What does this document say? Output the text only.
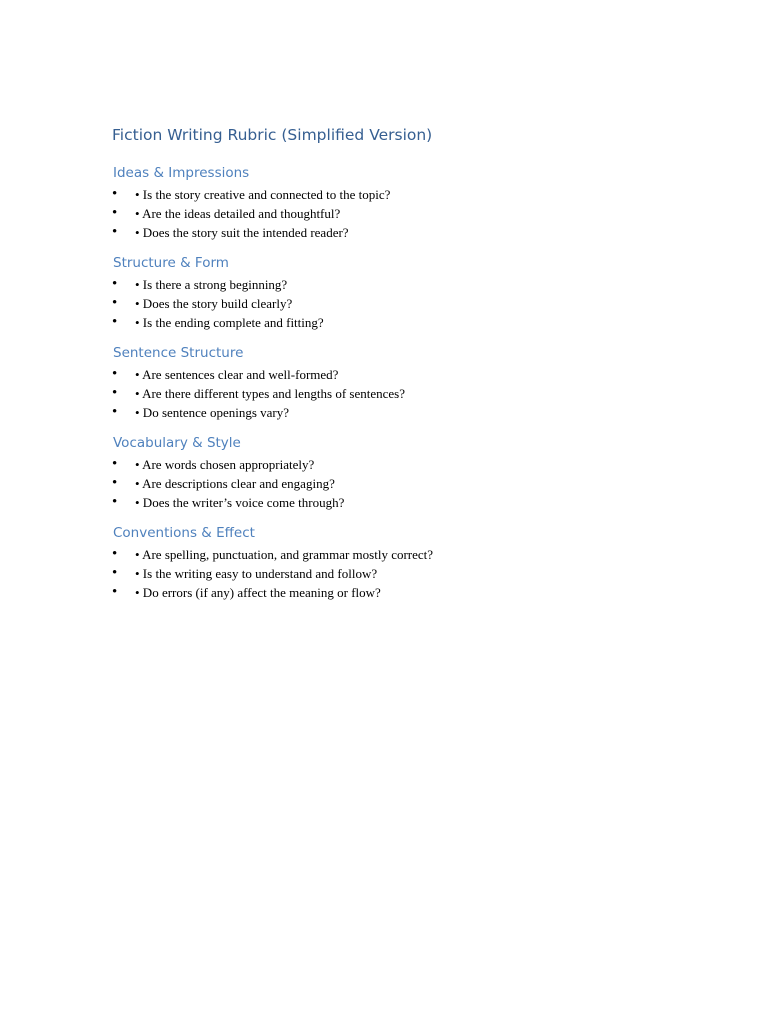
Fiction Writing Rubric (Simplified Version)
Ideas & Impressions
• • Is the story creative and connected to the topic?
• • Are the ideas detailed and thoughtful?
• • Does the story suit the intended reader?
Structure & Form
• • Is there a strong beginning?
• • Does the story build clearly?
• • Is the ending complete and fitting?
Sentence Structure
• • Are sentences clear and well-formed?
• • Are there different types and lengths of sentences?
• • Do sentence openings vary?
Vocabulary & Style
• • Are words chosen appropriately?
• • Are descriptions clear and engaging?
• • Does the writer’s voice come through?
Conventions & Effect
• • Are spelling, punctuation, and grammar mostly correct?
• • Is the writing easy to understand and follow?
• • Do errors (if any) affect the meaning or flow?
